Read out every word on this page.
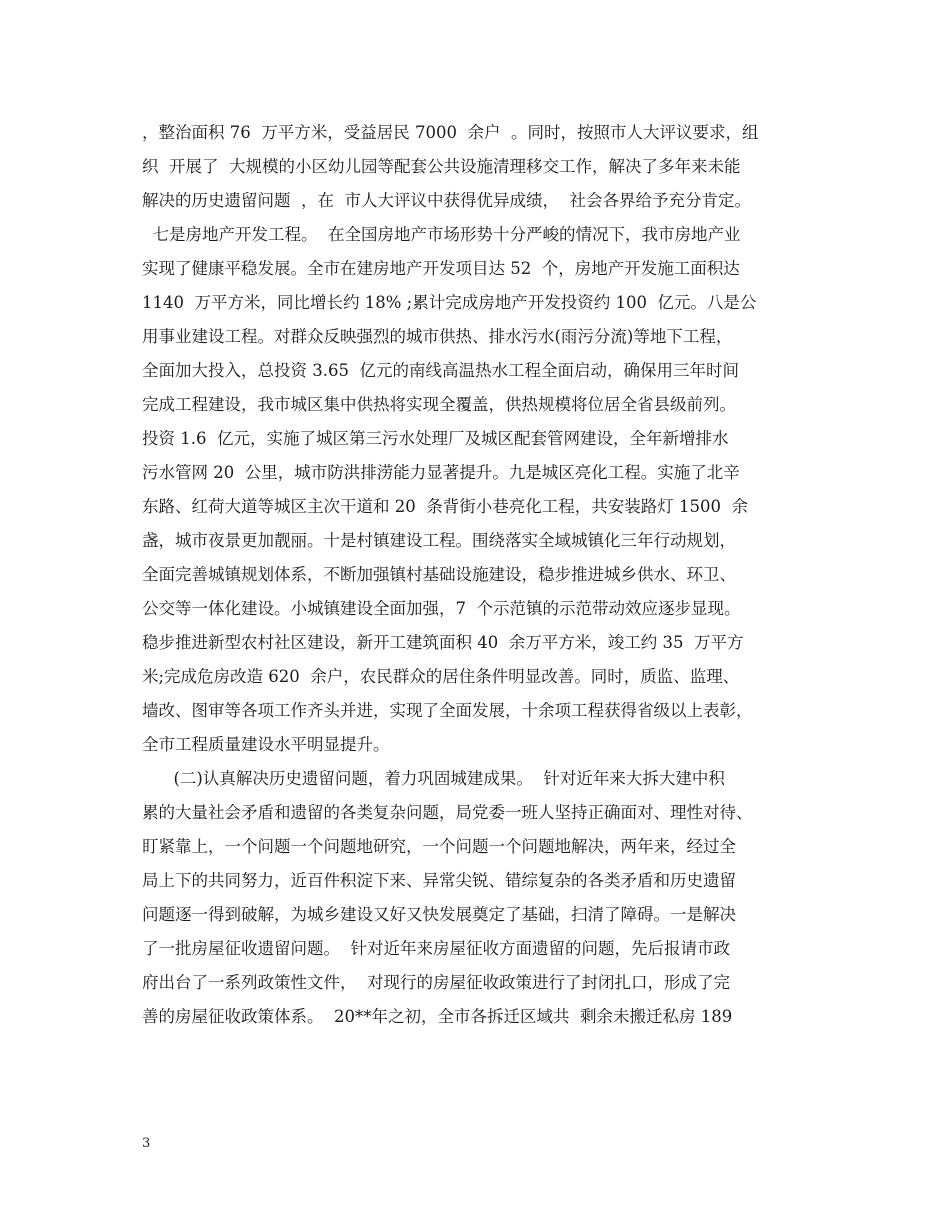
，整治面积 76  万平方米，受益居民 7000  余户  。同时，按照市人大评议要求，组
织  开展了  大规模的小区幼儿园等配套公共设施清理移交工作，解决了多年来未能
解决的历史遗留问题  ，在  市人大评议中获得优异成绩，  社会各界给予充分肯定。
七是房地产开发工程。  在全国房地产市场形势十分严峻的情况下，我市房地产业
实现了健康平稳发展。全市在建房地产开发项目达 52  个，房地产开发施工面积达
1140  万平方米，同比增长约 18% ;累计完成房地产开发投资约 100  亿元。八是公
用事业建设工程。对群众反映强烈的城市供热、排水污水(雨污分流)等地下工程，
全面加大投入，总投资 3.65  亿元的南线高温热水工程全面启动，确保用三年时间
完成工程建设，我市城区集中供热将实现全覆盖，供热规模将位居全省县级前列。
投资 1.6  亿元，实施了城区第三污水处理厂及城区配套管网建设，全年新增排水
污水管网 20  公里，城市防洪排涝能力显著提升。九是城区亮化工程。实施了北辛
东路、红荷大道等城区主次干道和 20  条背街小巷亮化工程，共安装路灯 1500  余
盏，城市夜景更加靓丽。十是村镇建设工程。围绕落实全域城镇化三年行动规划，
全面完善城镇规划体系，不断加强镇村基础设施建设，稳步推进城乡供水、环卫、
公交等一体化建设。小城镇建设全面加强，7  个示范镇的示范带动效应逐步显现。
稳步推进新型农村社区建设，新开工建筑面积 40  余万平方米，竣工约 35  万平方
米;完成危房改造 620  余户，农民群众的居住条件明显改善。同时，质监、监理、
墙改、图审等各项工作齐头并进，实现了全面发展，十余项工程获得省级以上表彰，
全市工程质量建设水平明显提升。
(二)认真解决历史遗留问题，着力巩固城建成果。  针对近年来大拆大建中积
累的大量社会矛盾和遗留的各类复杂问题，局党委一班人坚持正确面对、理性对待、
盯紧靠上，一个问题一个问题地研究，一个问题一个问题地解决，两年来，经过全
局上下的共同努力，近百件积淀下来、异常尖锐、错综复杂的各类矛盾和历史遗留
问题逐一得到破解，为城乡建设又好又快发展奠定了基础，扫清了障碍。一是解决
了一批房屋征收遗留问题。  针对近年来房屋征收方面遗留的问题，先后报请市政
府出台了一系列政策性文件，  对现行的房屋征收政策进行了封闭扎口，形成了完
善的房屋征收政策体系。  20**年之初，全市各拆迁区域共  剩余未搬迁私房 189
3
